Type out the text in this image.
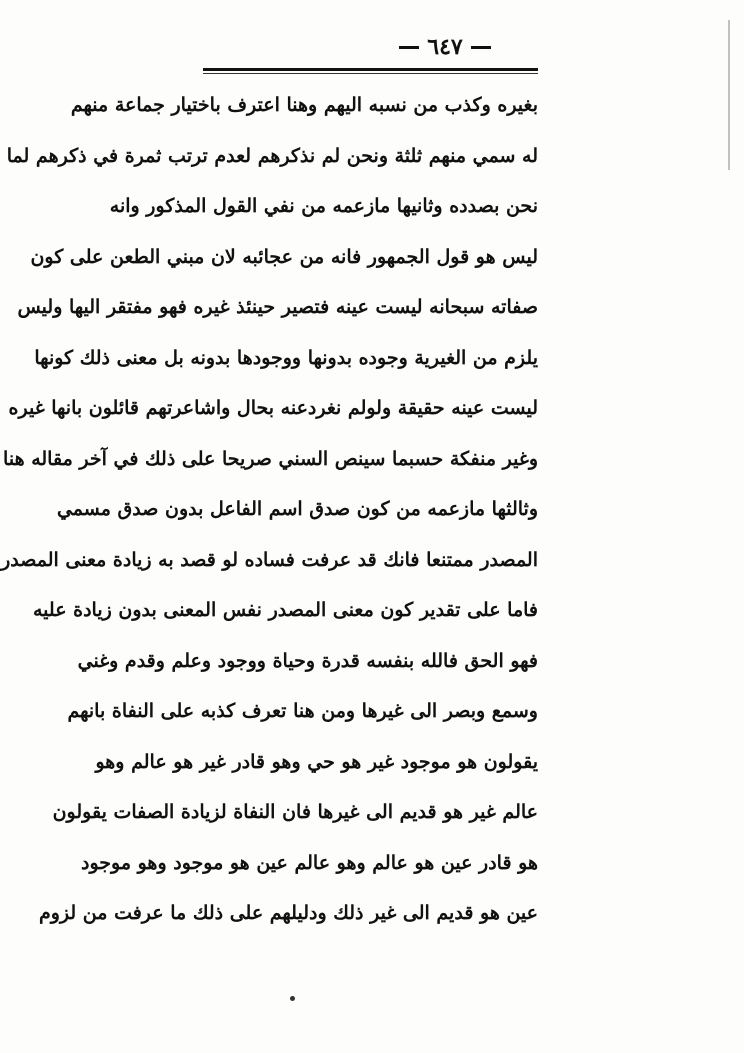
٦٤٧
بغيره وكذب من نسبه اليهم وهنا اعترف باختيار جماعة منهم
له سمي منهم ثلثة ونحن لم نذكرهم لعدم ترتب ثمرة في ذكرهم لما
نحن بصدده وثانيها مازعمه من نفي القول المذكور وانه
ليس هو قول الجمهور فانه من عجائبه لان مبني الطعن على كون
صفاته سبحانه ليست عينه فتصير حينئذ غيره فهو مفتقر اليها وليس
يلزم من الغيرية وجوده بدونها ووجودها بدونه بل معنى ذلك كونها
ليست عينه حقيقة ولولم نغردعنه بحال واشاعرتهم قائلون بانها غيره
وغير منفكة حسبما سينص السني صريحا على ذلك في آخر مقاله هنا
وثالثها مازعمه من كون صدق اسم الفاعل بدون صدق مسمي
المصدر ممتنعا فانك قد عرفت فساده لو قصد به زيادة معنى المصدر
فاما على تقدير كون معنى المصدر نفس المعنى بدون زيادة عليه
فهو الحق فالله بنفسه قدرة وحياة ووجود وعلم وقدم وغني
وسمع وبصر الى غيرها ومن هنا تعرف كذبه على النفاة بانهم
يقولون هو موجود غير هو حي وهو قادر غير هو عالم وهو
عالم غير هو قديم الى غيرها فان النفاة لزيادة الصفات يقولون
هو قادر عين هو عالم وهو عالم عين هو موجود وهو موجود
عين هو قديم الى غير ذلك ودليلهم على ذلك ما عرفت من لزوم
